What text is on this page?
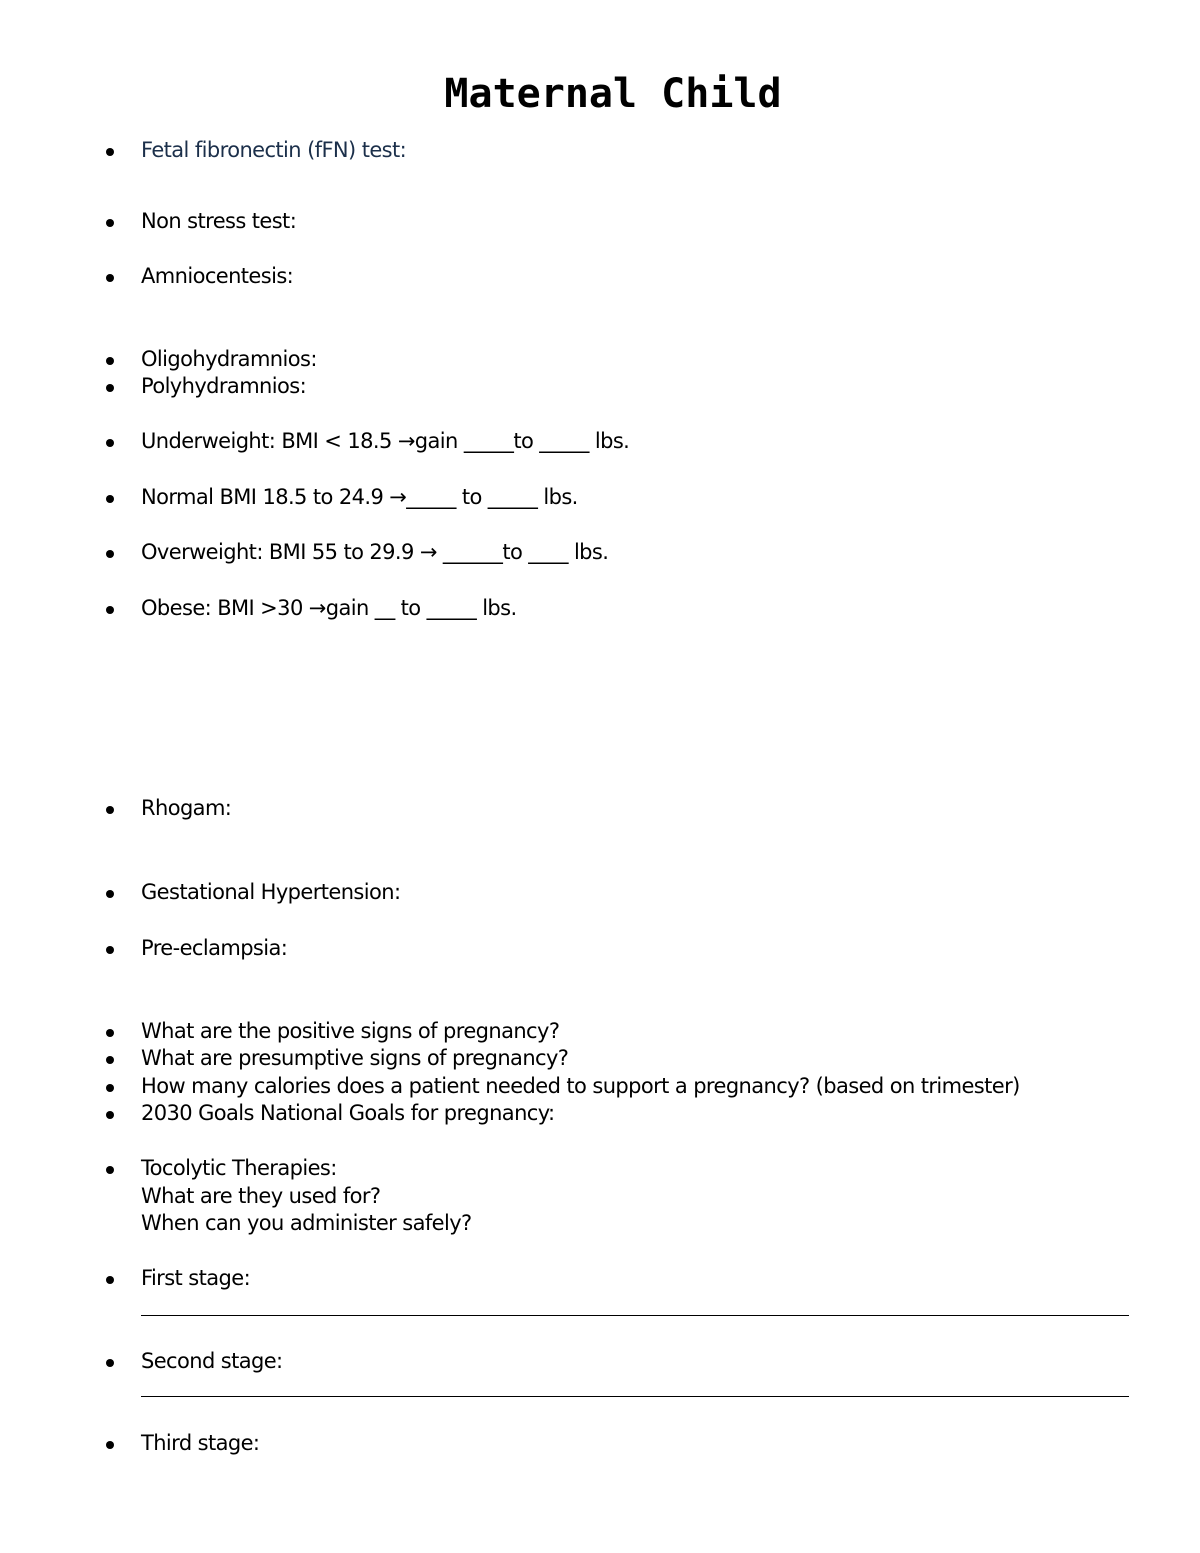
Maternal Child
Fetal fibronectin (fFN) test:
Non stress test:
Amniocentesis:
Oligohydramnios:
Polyhydramnios:
Underweight: BMI < 18.5 →gain _____to _____ lbs.
Normal BMI 18.5 to 24.9 →_____ to _____ lbs.
Overweight: BMI 55 to 29.9 → ______to ____ lbs.
Obese: BMI >30 →gain __ to _____ lbs.
Rhogam:
Gestational Hypertension:
Pre-eclampsia:
What are the positive signs of pregnancy?
What are presumptive signs of pregnancy?
How many calories does a patient needed to support a pregnancy? (based on trimester)
2030 Goals National Goals for pregnancy:
Tocolytic Therapies:
What are they used for?
When can you administer safely?
First stage:
Second stage:
Third stage:
